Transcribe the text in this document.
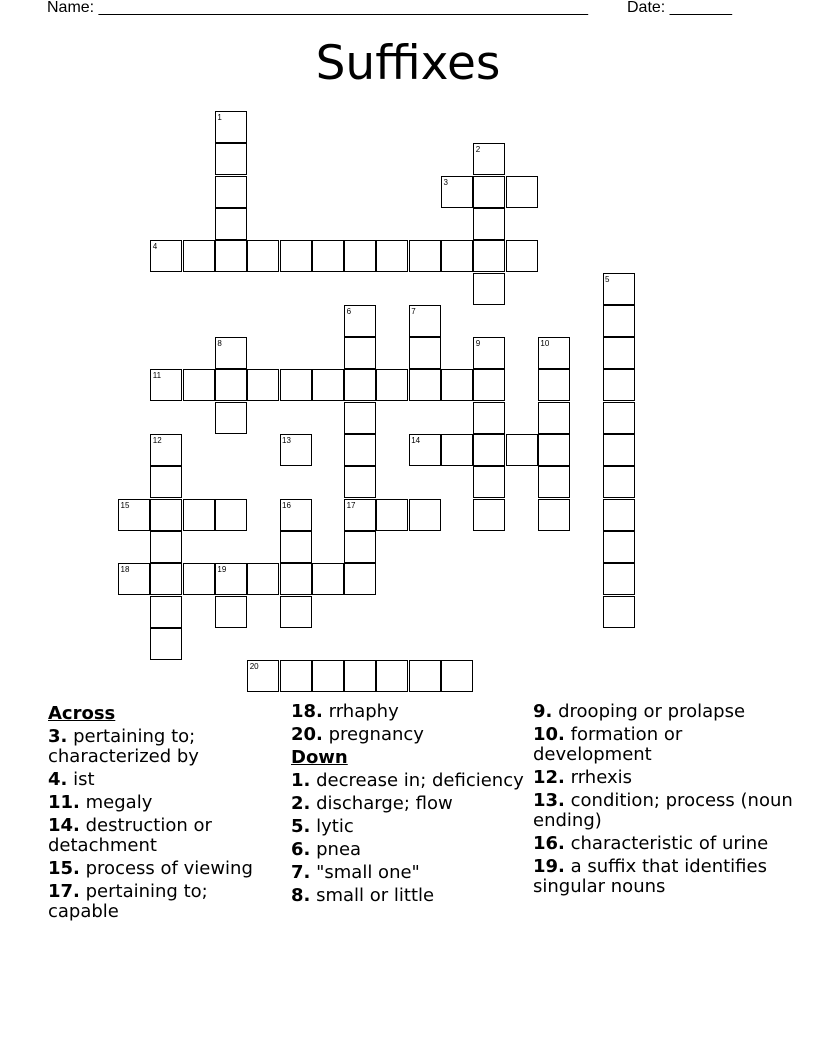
Name: _______________________________________________________ Date: _______
Suffixes
1
2
3
4
5
6	7
8	9	10
11
12	13	14
15	16	17
18	19
20
Across
3. pertaining to; characterized by
4. ist
11. megaly
14. destruction or detachment
15. process of viewing
17. pertaining to; capable
18. rrhaphy
20. pregnancy
Down
1. decrease in; deficiency
2. discharge; flow
5. lytic
6. pnea
7. "small one"
8. small or little
9. drooping or prolapse
10. formation or development
12. rrhexis
13. condition; process (noun ending)
16. characteristic of urine
19. a suffix that identifies singular nouns
